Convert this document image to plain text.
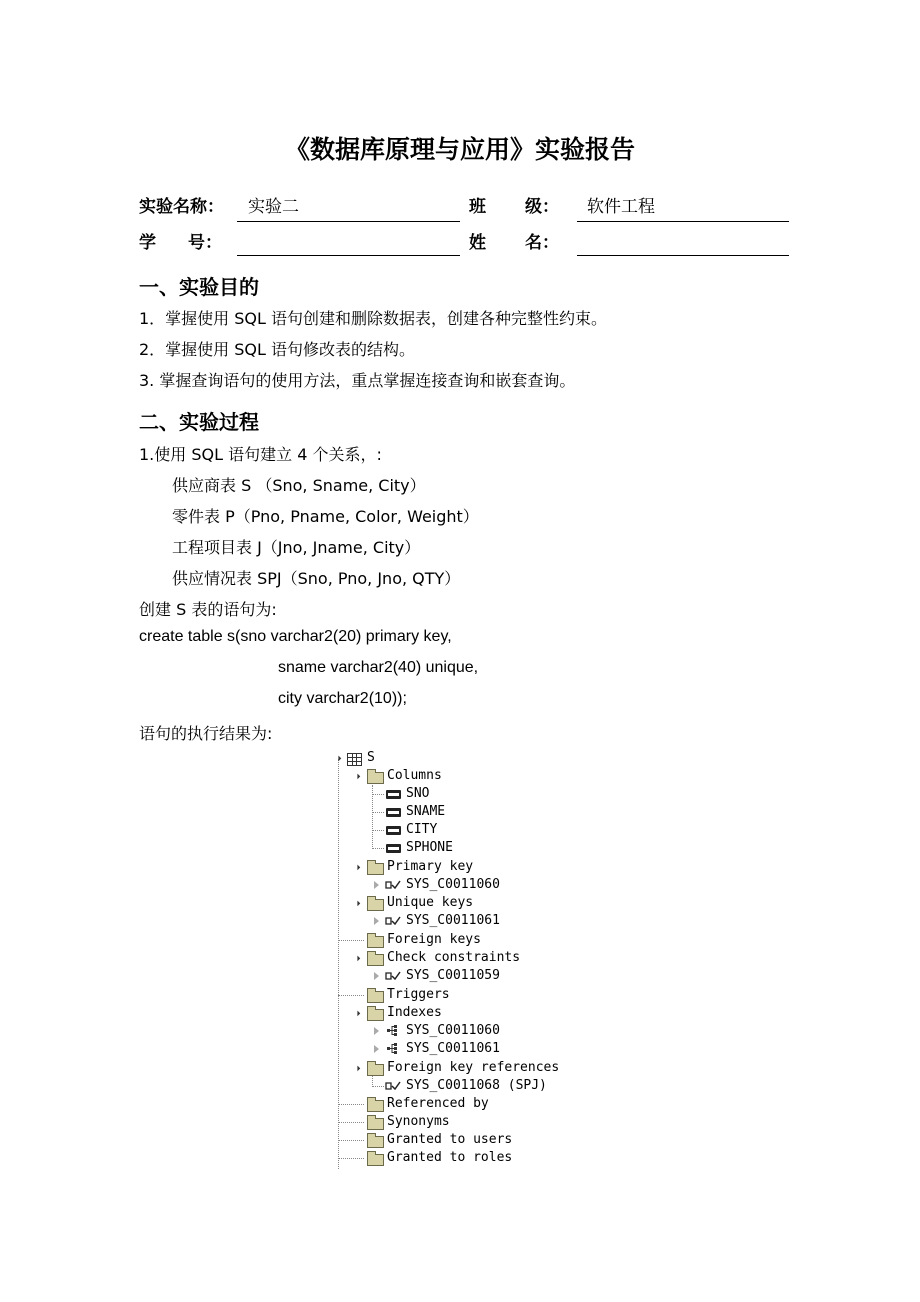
《数据库原理与应用》实验报告
实验名称： 实验二	班 级： 软件工程
学 号：	姓 名：
一、实验目的
1．掌握使用 SQL 语句创建和删除数据表，创建各种完整性约束。
2．掌握使用 SQL 语句修改表的结构。
3. 掌握查询语句的使用方法，重点掌握连接查询和嵌套查询。
二、实验过程
1.使用 SQL 语句建立 4 个关系，:
供应商表 S （Sno, Sname, City）
零件表 P（Pno, Pname, Color, Weight）
工程项目表 J（Jno, Jname, City）
供应情况表 SPJ（Sno, Pno, Jno, QTY）
创建 S 表的语句为:
create table s(sno varchar2(20) primary key,
sname varchar2(40) unique,
city varchar2(10));
语句的执行结果为:
S
Columns
SNO
SNAME
CITY
SPHONE
Primary key
SYS_C0011060
Unique keys
SYS_C0011061
Foreign keys
Check constraints
SYS_C0011059
Triggers
Indexes
SYS_C0011060
SYS_C0011061
Foreign key references
SYS_C0011068 (SPJ)
Referenced by
Synonyms
Granted to users
Granted to roles
